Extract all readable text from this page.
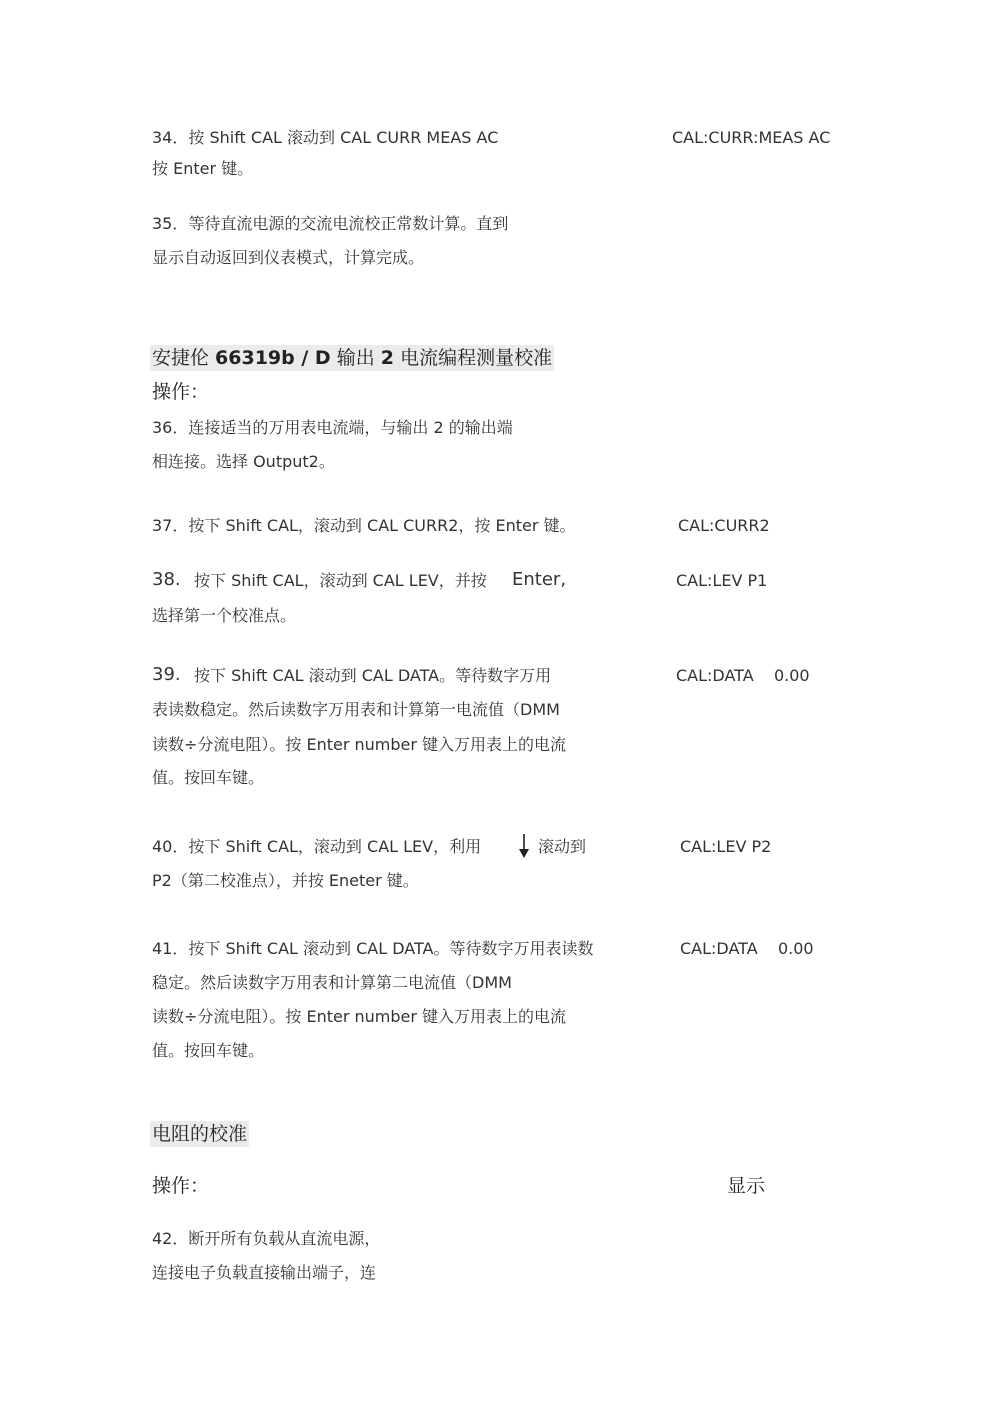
34．按 Shift CAL 滚动到 CAL CURR MEAS AC	CAL:CURR:MEAS AC
按 Enter 键。
35．等待直流电源的交流电流校正常数计算。直到
显示自动返回到仪表模式，计算完成。
安捷伦 66319b / D 输出 2 电流编程测量校准
操作：
36．连接适当的万用表电流端，与输出 2 的输出端
相连接。选择 Output2。
37．按下 Shift CAL，滚动到 CAL CURR2，按 Enter 键。	CAL:CURR2
38. 按下 Shift CAL，滚动到 CAL LEV，并按 Enter,	CAL:LEV P1
选择第一个校准点。
39. 按下 Shift CAL 滚动到 CAL DATA。等待数字万用	CAL:DATA    0.00
表读数稳定。然后读数字万用表和计算第一电流值（DMM
读数÷分流电阻）。按 Enter number 键入万用表上的电流
值。按回车键。
40．按下 Shift CAL，滚动到 CAL LEV，利用	滚动到	CAL:LEV P2
P2（第二校准点），并按 Eneter 键。
41．按下 Shift CAL 滚动到 CAL DATA。等待数字万用表读数	CAL:DATA    0.00
稳定。然后读数字万用表和计算第二电流值（DMM
读数÷分流电阻）。按 Enter number 键入万用表上的电流
值。按回车键。
电阻的校准
操作：	显示
42．断开所有负载从直流电源，
连接电子负载直接输出端子，连
